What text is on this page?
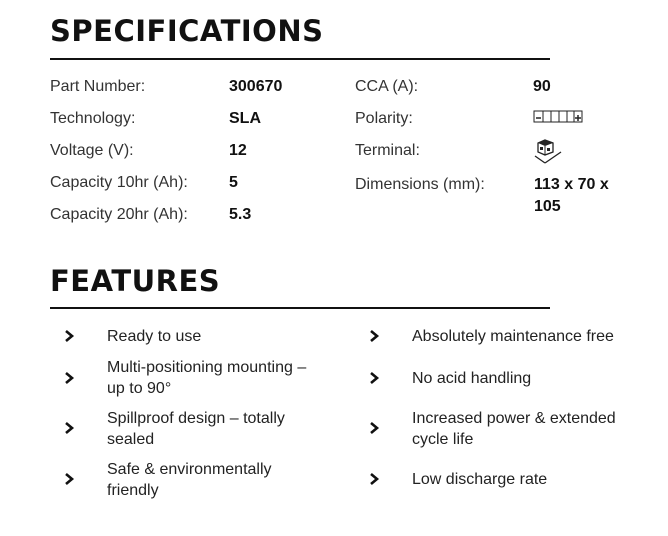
SPECIFICATIONS
Part Number:	300670
Technology:	SLA
Voltage (V):	12
Capacity 10hr (Ah):	5
Capacity 20hr (Ah):	5.3
CCA (A):	90
Polarity:
Terminal:
Dimensions (mm):	113 x 70 x
105
FEATURES
Ready to use
Multi-positioning mounting –
up to 90°
Spillproof design – totally
sealed
Safe & environmentally
friendly
Absolutely maintenance free
No acid handling
Increased power & extended
cycle life
Low discharge rate
